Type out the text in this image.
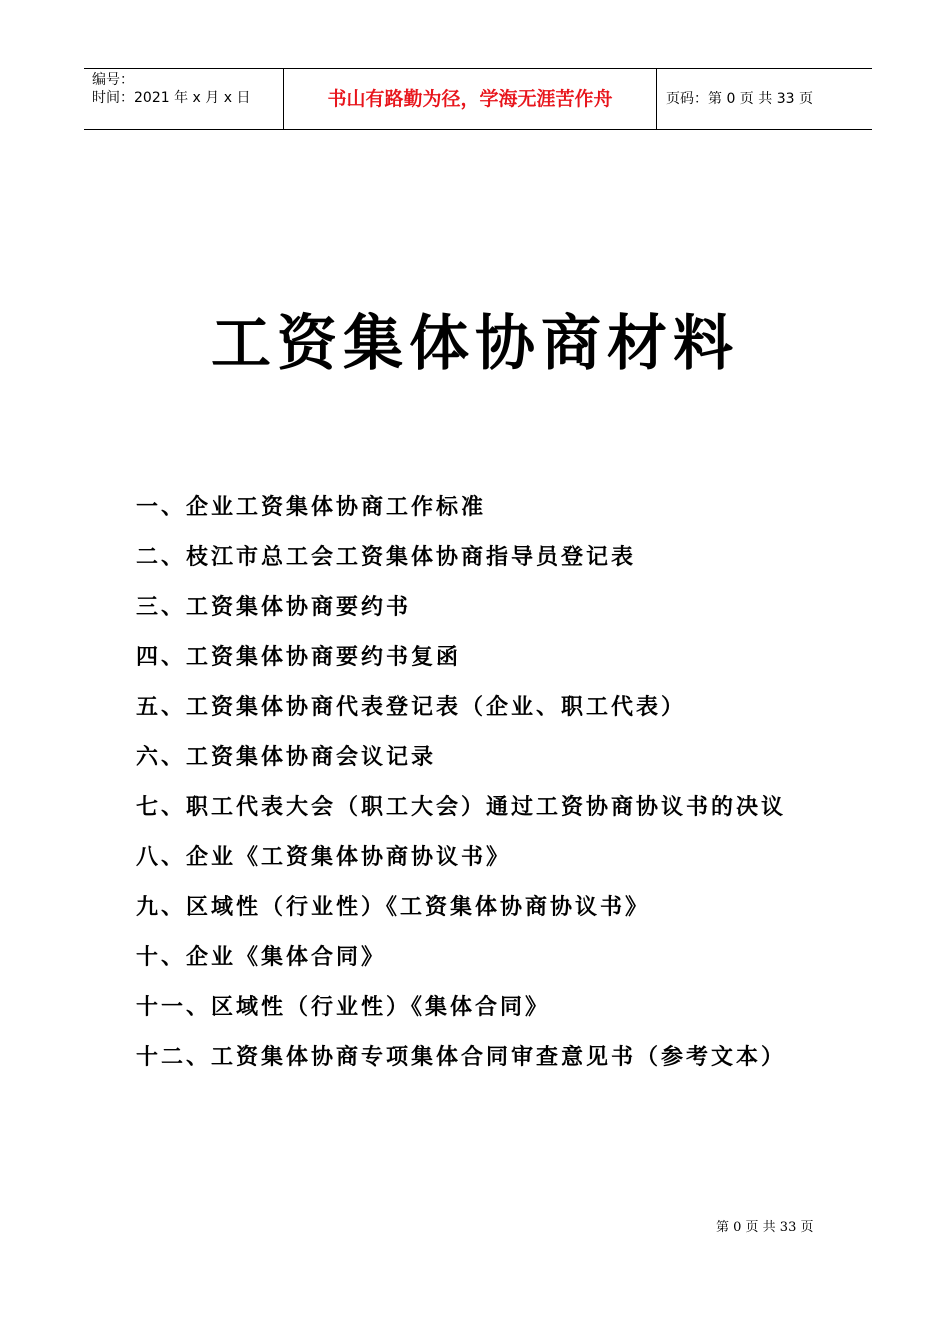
编号：
时间：2021 年 x 月 x 日	书山有路勤为径，学海无涯苦作舟	页码：第 0 页 共 33 页
工资集体协商材料
一、企业工资集体协商工作标准
二、枝江市总工会工资集体协商指导员登记表
三、工资集体协商要约书
四、工资集体协商要约书复函
五、工资集体协商代表登记表（企业、职工代表）
六、工资集体协商会议记录
七、职工代表大会（职工大会）通过工资协商协议书的决议
八、企业《工资集体协商协议书》
九、区域性（行业性）《工资集体协商协议书》
十、企业《集体合同》
十一、区域性（行业性）《集体合同》
十二、工资集体协商专项集体合同审查意见书（参考文本）
第 0 页 共 33 页
